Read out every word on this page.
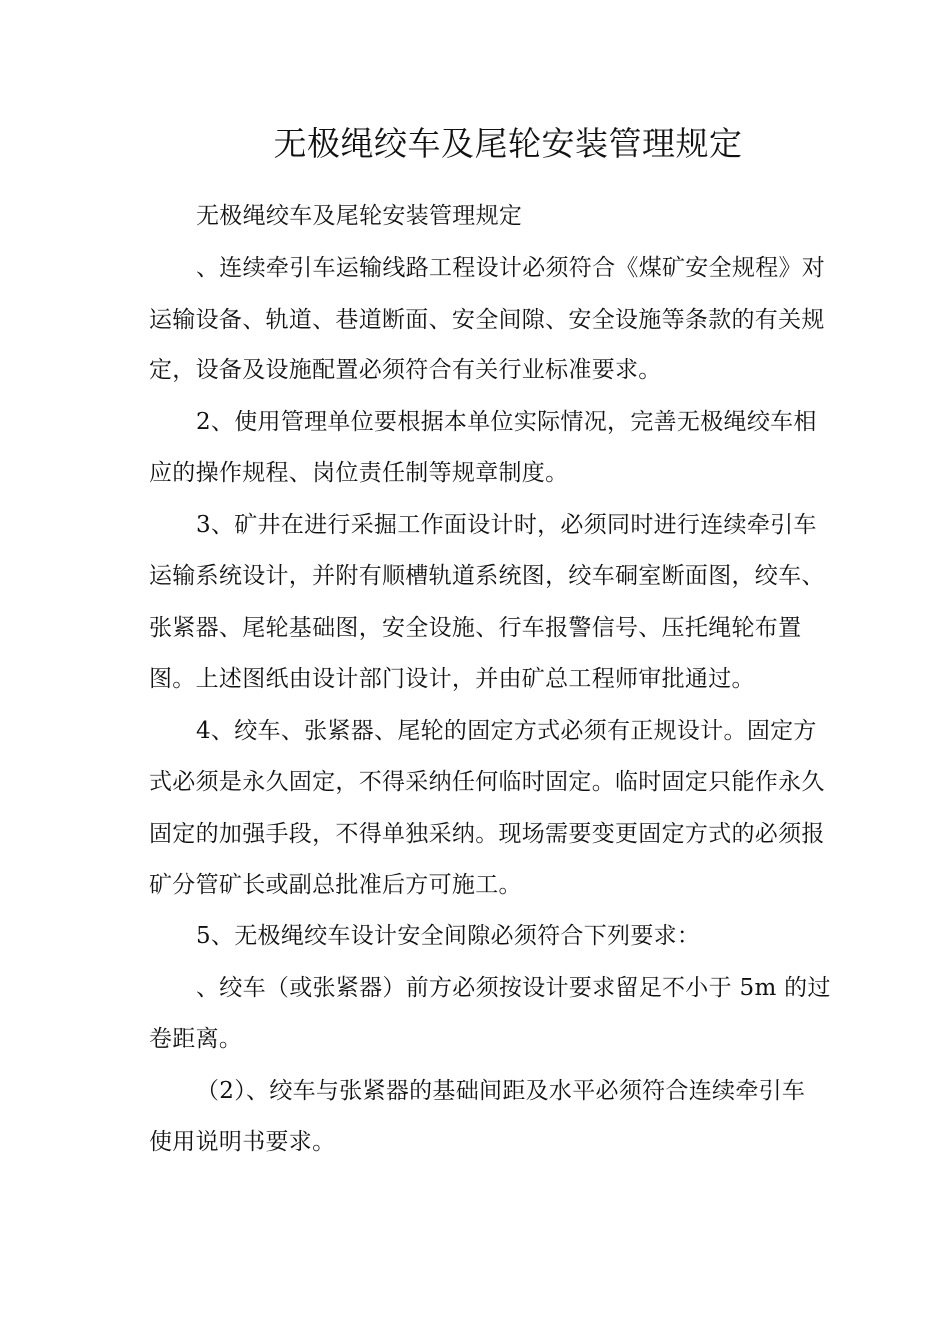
无极绳绞车及尾轮安装管理规定
无极绳绞车及尾轮安装管理规定
、连续牵引车运输线路工程设计必须符合《煤矿安全规程》对
运输设备、轨道、巷道断面、安全间隙、安全设施等条款的有关规
定，设备及设施配置必须符合有关行业标准要求。
2、使用管理单位要根据本单位实际情况，完善无极绳绞车相
应的操作规程、岗位责任制等规章制度。
3、矿井在进行采掘工作面设计时，必须同时进行连续牵引车
运输系统设计，并附有顺槽轨道系统图，绞车硐室断面图，绞车、
张紧器、尾轮基础图，安全设施、行车报警信号、压托绳轮布置
图。上述图纸由设计部门设计，并由矿总工程师审批通过。
4、绞车、张紧器、尾轮的固定方式必须有正规设计。固定方
式必须是永久固定，不得采纳任何临时固定。临时固定只能作永久
固定的加强手段，不得单独采纳。现场需要变更固定方式的必须报
矿分管矿长或副总批准后方可施工。
5、无极绳绞车设计安全间隙必须符合下列要求：
、绞车（或张紧器）前方必须按设计要求留足不小于 5m 的过
卷距离。
（2）、绞车与张紧器的基础间距及水平必须符合连续牵引车
使用说明书要求。
